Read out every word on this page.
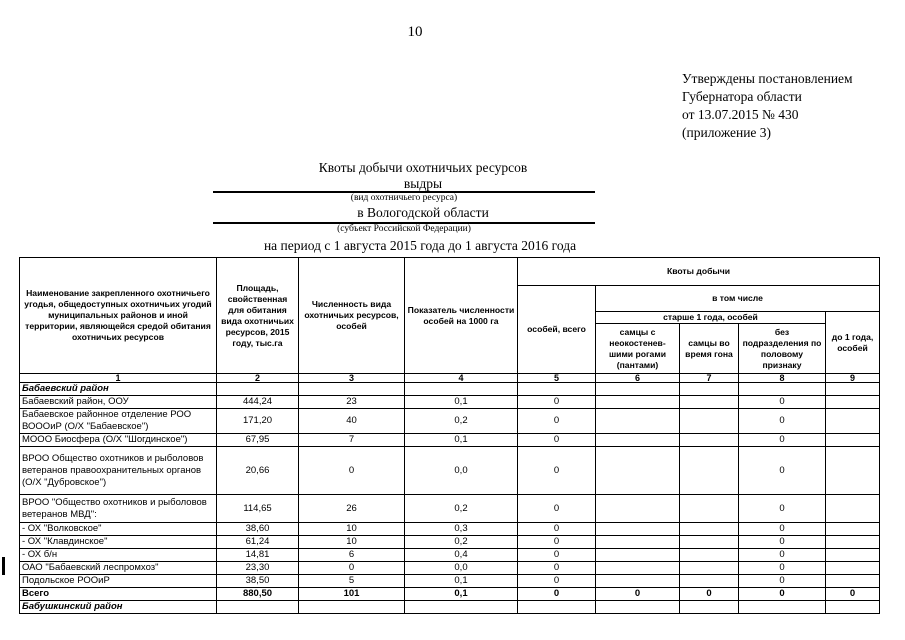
10
Утверждены постановлением
Губернатора области
от 13.07.2015 № 430
(приложение 3)
Квоты добычи охотничьих ресурсов
выдры
(вид охотничьего ресурса)
в Вологодской области
(субъект Российской Федерации)
на период с 1 августа 2015 года до 1 августа 2016 года
Наименование закрепленного охотничьего угодья, общедоступных охотничьих угодий муниципальных районов и иной территории, являющейся средой обитания охотничьих ресурсов	Площадь, свойственная для обитания вида охотничьих ресурсов, 2015 году, тыс.га	Численность вида охотничьих ресурсов, особей	Показатель численности особей на 1000 га	Квоты добычи				
				особей, всего	в том числе			
					старше 1 года, особей			до 1 года, особей
					самцы с неокостенев-шими рогами (пантами)	самцы во время гона	без подразделения по половому признаку	
1	2	3	4	5	6	7	8	9
Бабаевский район								
Бабаевский район, ООУ	444,24	23	0,1	0			0	
Бабаевское районное отделение РОО ВОООиР (О/Х "Бабаевское")	171,20	40	0,2	0			0	
МООО Биосфера (О/Х "Шогдинское")	67,95	7	0,1	0			0	
ВРОО Общество охотников и рыболовов ветеранов правоохранительных органов (О/Х "Дубровское")	20,66	0	0,0	0			0	
ВРОО "Общество охотников и рыболовов ветеранов МВД":	114,65	26	0,2	0			0	
- ОХ "Волковское"	38,60	10	0,3	0			0	
- ОХ "Клавдинское"	61,24	10	0,2	0			0	
- ОХ б/н	14,81	6	0,4	0			0	
ОАО "Бабаевский леспромхоз"	23,30	0	0,0	0			0	
Подольское РООиР	38,50	5	0,1	0			0	
Всего	880,50	101	0,1	0	0	0	0	0
Бабушкинский район								
